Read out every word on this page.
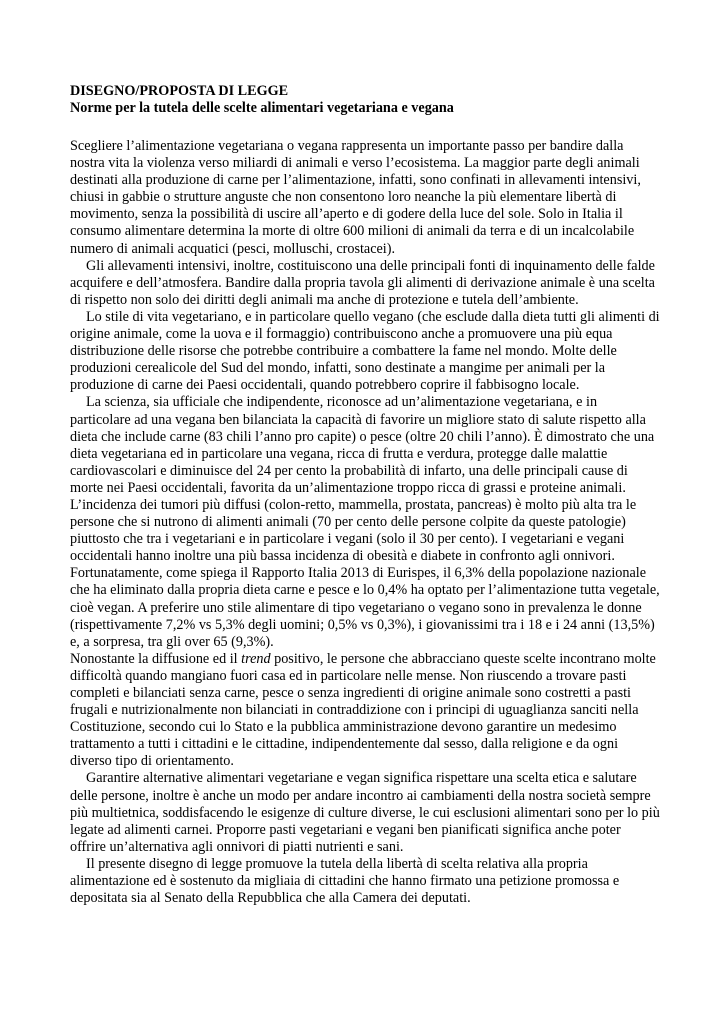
DISEGNO/PROPOSTA DI LEGGE

Norme per la tutela delle scelte alimentari vegetariana e vegana

Scegliere l’alimentazione vegetariana o vegana rappresenta un importante passo per bandire dalla nostra vita la violenza verso miliardi di animali e verso l’ecosistema. La maggior parte degli animali destinati alla produzione di carne per l’alimentazione, infatti, sono confinati in allevamenti intensivi, chiusi in gabbie o strutture anguste che non consentono loro neanche la più elementare libertà di movimento, senza la possibilità di uscire all’aperto e di godere della luce del sole. Solo in Italia il consumo alimentare determina la morte di oltre 600 milioni di animali da terra e di un incalcolabile numero di animali acquatici (pesci, molluschi, crostacei).

Gli allevamenti intensivi, inoltre, costituiscono una delle principali fonti di inquinamento delle falde acquifere e dell’atmosfera. Bandire dalla propria tavola gli alimenti di derivazione animale è una scelta di rispetto non solo dei diritti degli animali ma anche di protezione e tutela dell’ambiente.

Lo stile di vita vegetariano, e in particolare quello vegano (che esclude dalla dieta tutti gli alimenti di origine animale, come la uova e il formaggio) contribuiscono anche a promuovere una più equa distribuzione delle risorse che potrebbe contribuire a combattere la fame nel mondo. Molte delle produzioni cerealicole del Sud del mondo, infatti, sono destinate a mangime per animali per la produzione di carne dei Paesi occidentali, quando potrebbero coprire il fabbisogno locale.

La scienza, sia ufficiale che indipendente, riconosce ad un’alimentazione vegetariana, e in particolare ad una vegana ben bilanciata la capacità di favorire un migliore stato di salute rispetto alla dieta che include carne (83 chili l’anno pro capite) o pesce (oltre 20 chili l’anno). È dimostrato che una dieta vegetariana ed in particolare una vegana, ricca di frutta e verdura, protegge dalle malattie cardiovascolari e diminuisce del 24 per cento la probabilità di infarto, una delle principali cause di morte nei Paesi occidentali, favorita da un’alimentazione troppo ricca di grassi e proteine animali. L’incidenza dei tumori più diffusi (colon-retto, mammella, prostata, pancreas) è molto più alta tra le persone che si nutrono di alimenti animali (70 per cento delle persone colpite da queste patologie) piuttosto che tra i vegetariani e in particolare i vegani (solo il 30 per cento). I vegetariani e vegani occidentali hanno inoltre una più bassa incidenza di obesità e diabete in confronto agli onnivori.

Fortunatamente, come spiega il Rapporto Italia 2013 di Eurispes, il 6,3% della popolazione nazionale che ha eliminato dalla propria dieta carne e pesce e lo 0,4% ha optato per l’alimentazione tutta vegetale, cioè vegan. A preferire uno stile alimentare di tipo vegetariano o vegano sono in prevalenza le donne (rispettivamente 7,2% vs 5,3% degli uomini; 0,5% vs 0,3%), i giovanissimi tra i 18 e i 24 anni (13,5%) e, a sorpresa, tra gli over 65 (9,3%).

Nonostante la diffusione ed il trend positivo, le persone che abbracciano queste scelte incontrano molte difficoltà quando mangiano fuori casa ed in particolare nelle mense. Non riuscendo a trovare pasti completi e bilanciati senza carne, pesce o senza ingredienti di origine animale sono costretti a pasti frugali e nutrizionalmente non bilanciati in contraddizione con i principi di uguaglianza sanciti nella Costituzione, secondo cui lo Stato e la pubblica amministrazione devono garantire un medesimo trattamento a tutti i cittadini e le cittadine, indipendentemente dal sesso, dalla religione e da ogni diverso tipo di orientamento.

Garantire alternative alimentari vegetariane e vegan significa rispettare una scelta etica e salutare delle persone, inoltre è anche un modo per andare incontro ai cambiamenti della nostra società sempre più multietnica, soddisfacendo le esigenze di culture diverse, le cui esclusioni alimentari sono per lo più legate ad alimenti carnei. Proporre pasti vegetariani e vegani ben pianificati significa anche poter offrire un’alternativa agli onnivori di piatti nutrienti e sani.

Il presente disegno di legge promuove la tutela della libertà di scelta relativa alla propria alimentazione ed è sostenuto da migliaia di cittadini che hanno firmato una petizione promossa e depositata sia al Senato della Repubblica che alla Camera dei deputati.
